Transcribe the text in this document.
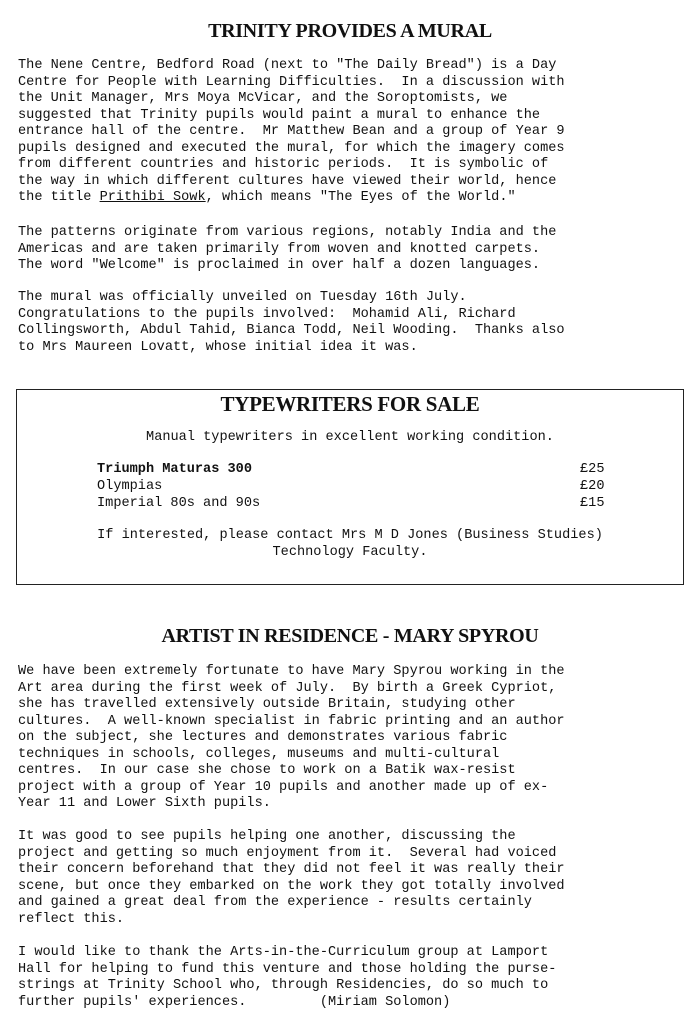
TRINITY PROVIDES A MURAL

The Nene Centre, Bedford Road (next to "The Daily Bread") is a Day
Centre for People with Learning Difficulties.  In a discussion with
the Unit Manager, Mrs Moya McVicar, and the Soroptomists, we
suggested that Trinity pupils would paint a mural to enhance the
entrance hall of the centre.  Mr Matthew Bean and a group of Year 9
pupils designed and executed the mural, for which the imagery comes
from different countries and historic periods.  It is symbolic of
the way in which different cultures have viewed their world, hence
the title Prithibi Sowk, which means "The Eyes of the World."

The patterns originate from various regions, notably India and the
Americas and are taken primarily from woven and knotted carpets.
The word "Welcome" is proclaimed in over half a dozen languages.

The mural was officially unveiled on Tuesday 16th July.
Congratulations to the pupils involved:  Mohamid Ali, Richard
Collingsworth, Abdul Tahid, Bianca Todd, Neil Wooding.  Thanks also
to Mrs Maureen Lovatt, whose initial idea it was.

TYPEWRITERS FOR SALE

Manual typewriters in excellent working condition.

Triumph Maturas 300	£25

Olympias	£20

Imperial 80s and 90s	£15

If interested, please contact Mrs M D Jones (Business Studies)

Technology Faculty.

ARTIST IN RESIDENCE - MARY SPYROU

We have been extremely fortunate to have Mary Spyrou working in the
Art area during the first week of July.  By birth a Greek Cypriot,
she has travelled extensively outside Britain, studying other
cultures.  A well-known specialist in fabric printing and an author
on the subject, she lectures and demonstrates various fabric
techniques in schools, colleges, museums and multi-cultural
centres.  In our case she chose to work on a Batik wax-resist
project with a group of Year 10 pupils and another made up of ex-
Year 11 and Lower Sixth pupils.

It was good to see pupils helping one another, discussing the
project and getting so much enjoyment from it.  Several had voiced
their concern beforehand that they did not feel it was really their
scene, but once they embarked on the work they got totally involved
and gained a great deal from the experience - results certainly
reflect this.

I would like to thank the Arts-in-the-Curriculum group at Lamport
Hall for helping to fund this venture and those holding the purse-
strings at Trinity School who, through Residencies, do so much to
further pupils' experiences.         (Miriam Solomon)
